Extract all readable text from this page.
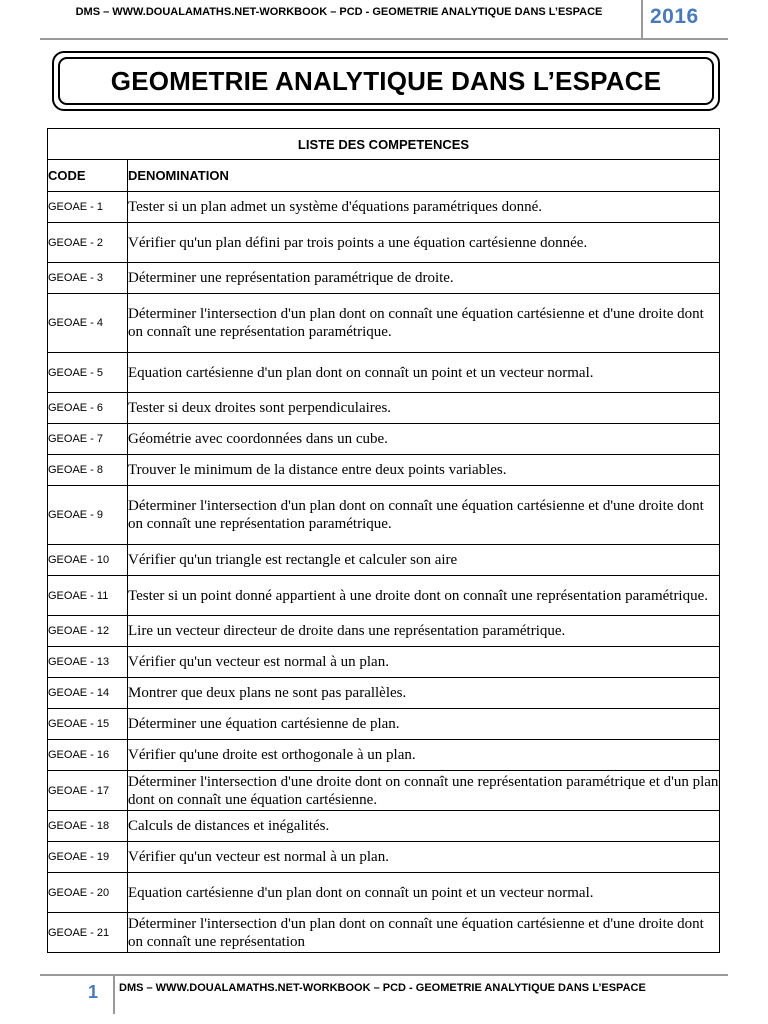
DMS – WWW.DOUALAMATHS.NET-WORKBOOK – PCD - GEOMETRIE ANALYTIQUE DANS L’ESPACE	2016
GEOMETRIE ANALYTIQUE DANS L’ESPACE
LISTE DES COMPETENCES	
CODE	DENOMINATION
GEOAE - 1	Tester si un plan admet un système d'équations paramétriques donné.
GEOAE - 2	Vérifier qu'un plan défini par trois points a une équation cartésienne donnée.
GEOAE - 3	Déterminer une représentation paramétrique de droite.
GEOAE - 4	Déterminer l'intersection d'un plan dont on connaît une équation cartésienne et d'une droite dont on connaît une représentation paramétrique.
GEOAE - 5	Equation cartésienne d'un plan dont on connaît un point et un vecteur normal.
GEOAE - 6	Tester si deux droites sont perpendiculaires.
GEOAE - 7	Géométrie avec coordonnées dans un cube.
GEOAE - 8	Trouver le minimum de la distance entre deux points variables.
GEOAE - 9	Déterminer l'intersection d'un plan dont on connaît une équation cartésienne et d'une droite dont on connaît une représentation paramétrique.
GEOAE - 10	Vérifier qu'un triangle est rectangle et calculer son aire
GEOAE - 11	Tester si un point donné appartient à une droite dont on connaît une représentation paramétrique.
GEOAE - 12	Lire un vecteur directeur de droite dans une représentation paramétrique.
GEOAE - 13	Vérifier qu'un vecteur est normal à un plan.
GEOAE - 14	Montrer que deux plans ne sont pas parallèles.
GEOAE - 15	Déterminer une équation cartésienne de plan.
GEOAE - 16	Vérifier qu'une droite est orthogonale à un plan.
GEOAE - 17	Déterminer l'intersection d'une droite dont on connaît une représentation paramétrique et d'un plan dont on connaît une équation cartésienne.
GEOAE - 18	Calculs de distances et inégalités.
GEOAE - 19	Vérifier qu'un vecteur est normal à un plan.
GEOAE - 20	Equation cartésienne d'un plan dont on connaît un point et un vecteur normal.
GEOAE - 21	Déterminer l'intersection d'un plan dont on connaît une équation cartésienne et d'une droite dont on connaît une représentation
1 DMS – WWW.DOUALAMATHS.NET-WORKBOOK – PCD - GEOMETRIE ANALYTIQUE DANS L’ESPACE
